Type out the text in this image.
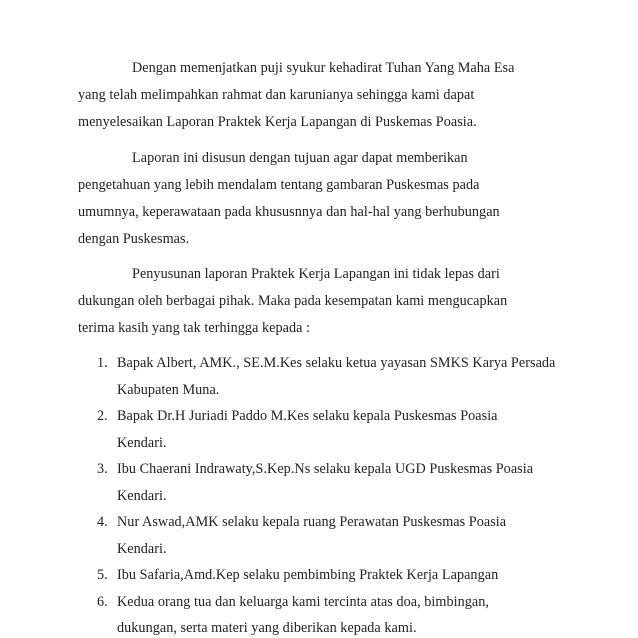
Dengan memenjatkan puji syukur kehadirat Tuhan Yang Maha Esa
yang telah melimpahkan rahmat dan karunianya sehingga kami dapat
menyelesaikan Laporan Praktek Kerja Lapangan di Puskemas Poasia.
Laporan ini disusun dengan tujuan agar dapat memberikan
pengetahuan yang lebih mendalam tentang gambaran Puskesmas pada
umumnya, keperawataan pada khususnnya dan hal-hal yang berhubungan
dengan Puskesmas.
Penyusunan laporan Praktek Kerja Lapangan ini tidak lepas dari
dukungan oleh berbagai pihak. Maka pada kesempatan kami mengucapkan
terima kasih yang tak terhingga kepada :
1. Bapak Albert, AMK., SE.M.Kes selaku ketua yayasan SMKS Karya Persada
Kabupaten Muna.
2. Bapak Dr.H Juriadi Paddo M.Kes selaku kepala Puskesmas Poasia
Kendari.
3. Ibu Chaerani Indrawaty,S.Kep.Ns selaku kepala UGD Puskesmas Poasia
Kendari.
4. Nur Aswad,AMK selaku kepala ruang Perawatan Puskesmas Poasia
Kendari.
5. Ibu Safaria,Amd.Kep selaku pembimbing Praktek Kerja Lapangan
6. Kedua orang tua dan keluarga kami tercinta atas doa, bimbingan,
dukungan, serta materi yang diberikan kepada kami.
